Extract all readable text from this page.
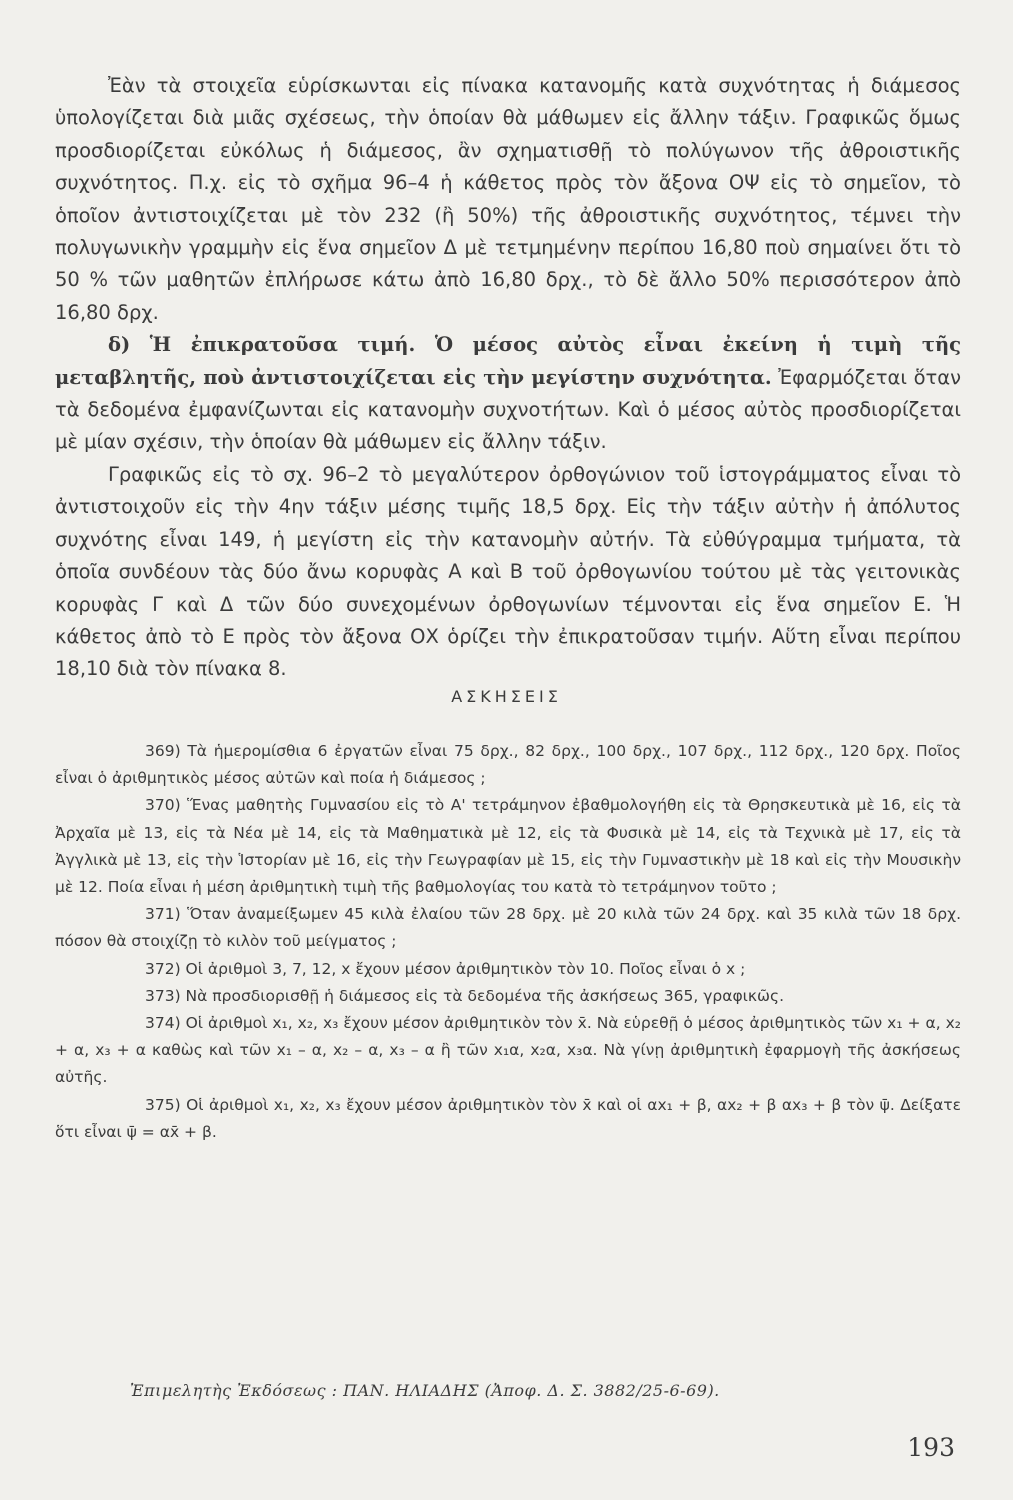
Ἐὰν τὰ στοιχεῖα εὑρίσκωνται εἰς πίνακα κατανομῆς κατὰ συχνότητας ἡ διάμεσος ὑπολογίζεται διὰ μιᾶς σχέσεως, τὴν ὁποίαν θὰ μάθωμεν εἰς ἄλλην τάξιν. Γραφικῶς ὅμως προσδιορίζεται εὐκόλως ἡ διάμεσος, ἂν σχηματισθῇ τὸ πολύγωνον τῆς ἀθροιστικῆς συχνότητος. Π.χ. εἰς τὸ σχῆμα 96–4 ἡ κάθετος πρὸς τὸν ἄξονα ΟΨ εἰς τὸ σημεῖον, τὸ ὁποῖον ἀντιστοιχίζεται μὲ τὸν 232 (ἢ 50%) τῆς ἀθροιστικῆς συχνότητος, τέμνει τὴν πολυγωνικὴν γραμμὴν εἰς ἕνα σημεῖον Δ μὲ τετμημένην περίπου 16,80 ποὺ σημαίνει ὅτι τὸ 50 % τῶν μαθητῶν ἐπλήρωσε κάτω ἀπὸ 16,80 δρχ., τὸ δὲ ἄλλο 50% περισσότερον ἀπὸ 16,80 δρχ.

δ) Ἡ ἐπικρατοῦσα τιμή. Ὁ μέσος αὐτὸς εἶναι ἐκείνη ἡ τιμὴ τῆς μεταβλητῆς, ποὺ ἀντιστοιχίζεται εἰς τὴν μεγίστην συχνότητα. Ἐφαρμόζεται ὅταν τὰ δεδομένα ἐμφανίζωνται εἰς κατανομὴν συχνοτήτων. Καὶ ὁ μέσος αὐτὸς προσδιορίζεται μὲ μίαν σχέσιν, τὴν ὁποίαν θὰ μάθωμεν εἰς ἄλλην τάξιν.

Γραφικῶς εἰς τὸ σχ. 96–2 τὸ μεγαλύτερον ὀρθογώνιον τοῦ ἱστογράμματος εἶναι τὸ ἀντιστοιχοῦν εἰς τὴν 4ην τάξιν μέσης τιμῆς 18,5 δρχ. Εἰς τὴν τάξιν αὐτὴν ἡ ἀπόλυτος συχνότης εἶναι 149, ἡ μεγίστη εἰς τὴν κατανομὴν αὐτήν. Τὰ εὐθύγραμμα τμήματα, τὰ ὁποῖα συνδέουν τὰς δύο ἄνω κορυφὰς Α καὶ Β τοῦ ὀρθογωνίου τούτου μὲ τὰς γειτονικὰς κορυφὰς Γ καὶ Δ τῶν δύο συνεχομένων ὀρθογωνίων τέμνονται εἰς ἕνα σημεῖον Ε. Ἡ κάθετος ἀπὸ τὸ Ε πρὸς τὸν ἄξονα ΟΧ ὁρίζει τὴν ἐπικρατοῦσαν τιμήν. Αὕτη εἶναι περίπου 18,10 διὰ τὸν πίνακα 8.

ΑΣΚΗΣΕΙΣ

369) Τὰ ἡμερομίσθια 6 ἐργατῶν εἶναι 75 δρχ., 82 δρχ., 100 δρχ., 107 δρχ., 112 δρχ., 120 δρχ. Ποῖος εἶναι ὁ ἀριθμητικὸς μέσος αὐτῶν καὶ ποία ἡ διάμεσος ;

370) Ἕνας μαθητὴς Γυμνασίου εἰς τὸ Α' τετράμηνον ἐβαθμολογήθη εἰς τὰ Θρησκευτικὰ μὲ 16, εἰς τὰ Ἀρχαῖα μὲ 13, εἰς τὰ Νέα μὲ 14, εἰς τὰ Μαθηματικὰ μὲ 12, εἰς τὰ Φυσικὰ μὲ 14, εἰς τὰ Τεχνικὰ μὲ 17, εἰς τὰ Ἀγγλικὰ μὲ 13, εἰς τὴν Ἱστορίαν μὲ 16, εἰς τὴν Γεωγραφίαν μὲ 15, εἰς τὴν Γυμναστικὴν μὲ 18 καὶ εἰς τὴν Μουσικὴν μὲ 12. Ποία εἶναι ἡ μέση ἀριθμητικὴ τιμὴ τῆς βαθμολογίας του κατὰ τὸ τετράμηνον τοῦτο ;

371) Ὅταν ἀναμείξωμεν 45 κιλὰ ἐλαίου τῶν 28 δρχ. μὲ 20 κιλὰ τῶν 24 δρχ. καὶ 35 κιλὰ τῶν 18 δρχ. πόσον θὰ στοιχίζῃ τὸ κιλὸν τοῦ μείγματος ;

372) Οἱ ἀριθμοὶ 3, 7, 12, x ἔχουν μέσον ἀριθμητικὸν τὸν 10. Ποῖος εἶναι ὁ x ;

373) Νὰ προσδιορισθῇ ἡ διάμεσος εἰς τὰ δεδομένα τῆς ἀσκήσεως 365, γραφικῶς.

374) Οἱ ἀριθμοὶ x₁, x₂, x₃ ἔχουν μέσον ἀριθμητικὸν τὸν x̄. Νὰ εὑρεθῇ ὁ μέσος ἀριθμητικὸς τῶν x₁ + α, x₂ + α, x₃ + α καθὼς καὶ τῶν x₁ – α, x₂ – α, x₃ – α ἢ τῶν x₁α, x₂α, x₃α. Νὰ γίνῃ ἀριθμητικὴ ἐφαρμογὴ τῆς ἀσκήσεως αὐτῆς.

375) Οἱ ἀριθμοὶ x₁, x₂, x₃ ἔχουν μέσον ἀριθμητικὸν τὸν x̄ καὶ οἱ αx₁ + β, αx₂ + β αx₃ + β τὸν ψ̄. Δείξατε ὅτι εἶναι ψ̄ = αx̄ + β.

Ἐπιμελητὴς Ἐκδόσεως : ΠΑΝ. ΗΛΙΑΔΗΣ (Ἀποφ. Δ. Σ. 3882/25-6-69).
193
